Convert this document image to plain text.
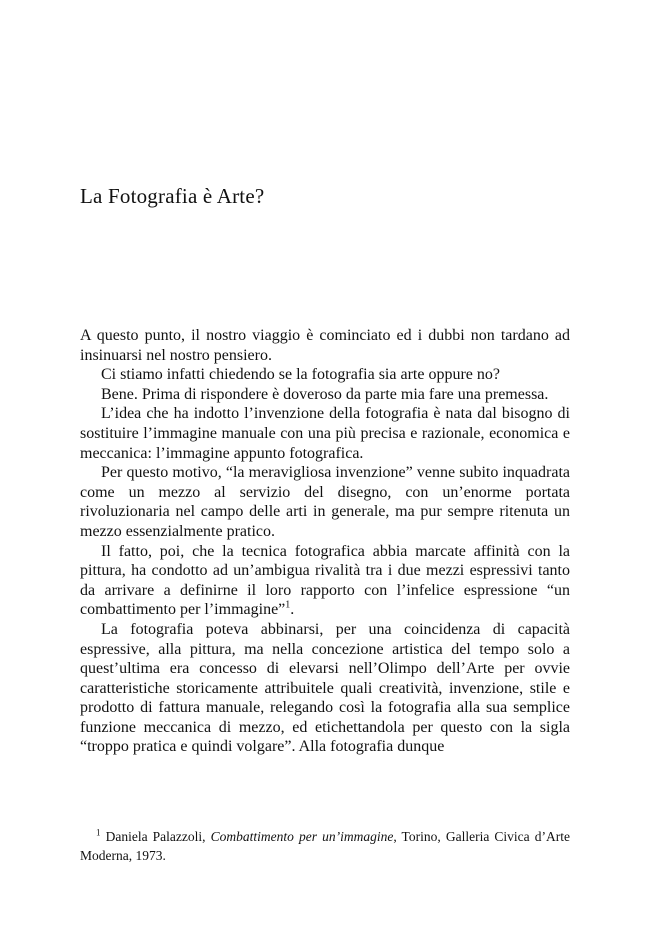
La Fotografia è Arte?

A questo punto, il nostro viaggio è cominciato ed i dubbi non tardano ad insinuarsi nel nostro pensiero.

Ci stiamo infatti chiedendo se la fotografia sia arte oppure no?

Bene. Prima di rispondere è doveroso da parte mia fare una premessa.

L’idea che ha indotto l’invenzione della fotografia è nata dal bisogno di sostituire l’immagine manuale con una più precisa e razionale, economica e meccanica: l’immagine appunto fotografica.

Per questo motivo, “la meravigliosa invenzione” venne subito inquadrata come un mezzo al servizio del disegno, con un’enorme portata rivoluzionaria nel campo delle arti in generale, ma pur sempre ritenuta un mezzo essenzialmente pratico.

Il fatto, poi, che la tecnica fotografica abbia marcate affinità con la pittura, ha condotto ad un’ambigua rivalità tra i due mezzi espressivi tanto da arrivare a definirne il loro rapporto con l’infelice espressione “un combattimento per l’immagine”$^1$.

La fotografia poteva abbinarsi, per una coincidenza di capacità espressive, alla pittura, ma nella concezione artistica del tempo solo a quest’ultima era concesso di elevarsi nell’Olimpo dell’Arte per ovvie caratteristiche storicamente attribuitele quali creatività, invenzione, stile e prodotto di fattura manuale, relegando così la fotografia alla sua semplice funzione meccanica di mezzo, ed etichettandola per questo con la sigla “troppo pratica e quindi volgare”. Alla fotografia dunque

$^1$ Daniela Palazzoli, Combattimento per un’immagine, Torino, Galleria Civica d’Arte Moderna, 1973.
